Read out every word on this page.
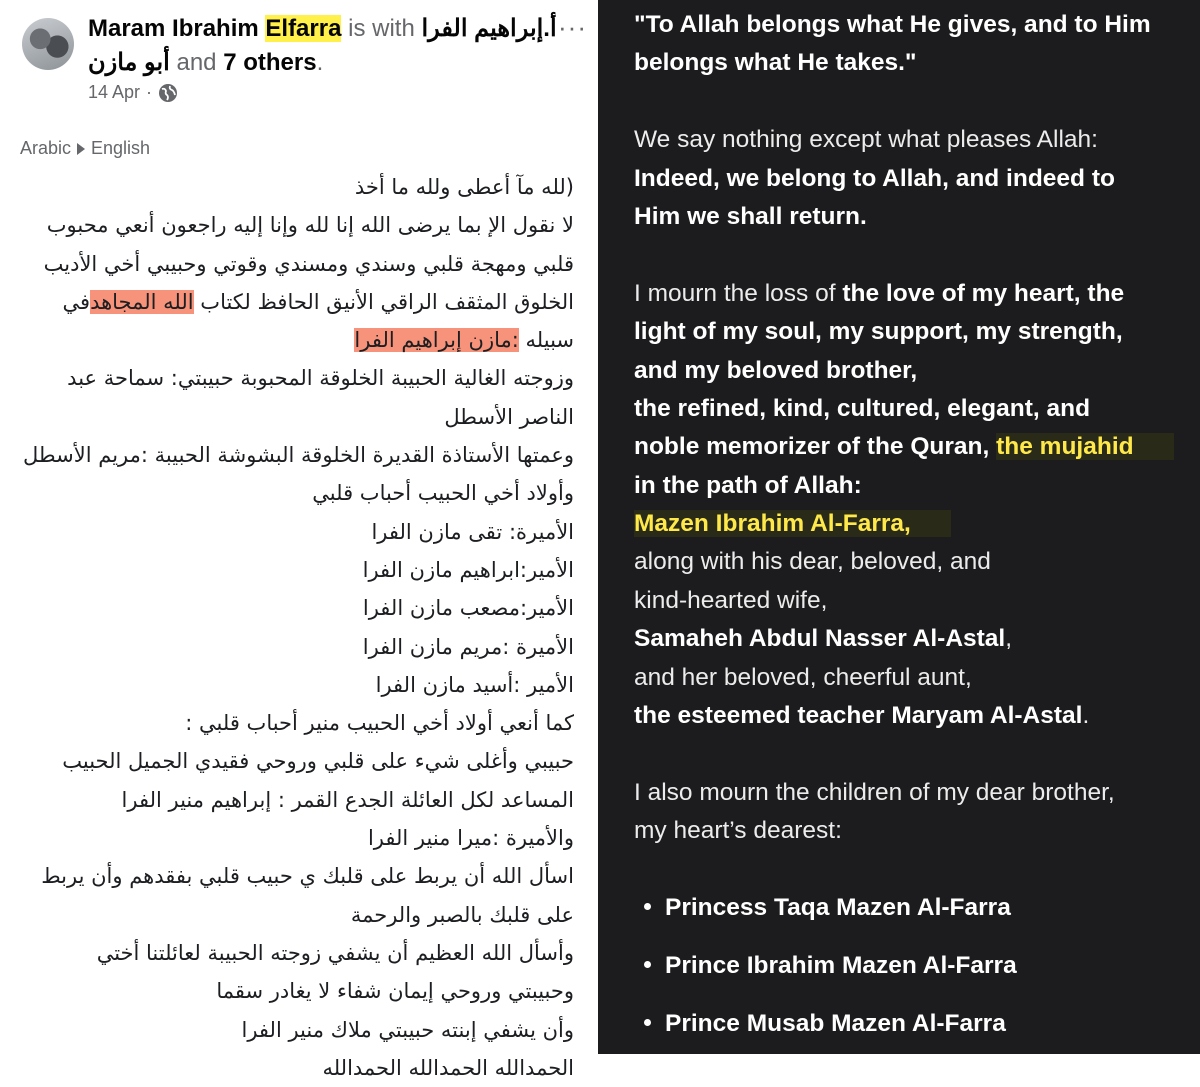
Maram Ibrahim Elfarra is with أ.إبراهيم الفرا أبو مازن and 7 others.
···
14 Apr ·
Arabic English
(لله مآ أعطى ولله ما أخذ
لا نقول الإ بما يرضى الله إنا لله وإنا إليه راجعون أنعي محبوب
قلبي ومهجة قلبي وسندي ومسندي وقوتي وحبيبي أخي الأديب
الخلوق المثقف الراقي الأنيق الحافظ لكتاب الله المجاهدفي
سبيله :مازن إبراهيم الفرا
وزوجته الغالية الحبيبة الخلوقة المحبوبة حبيبتي: سماحة عبد
الناصر الأسطل
وعمتها الأستاذة القديرة الخلوقة البشوشة الحبيبة :مريم الأسطل
وأولاد أخي الحبيب أحباب قلبي
الأميرة: تقى مازن الفرا
الأمير:ابراهيم مازن الفرا
الأمير:مصعب مازن الفرا
الأميرة :مريم مازن الفرا
الأمير :أسيد مازن الفرا
كما أنعي أولاد أخي الحبيب منير أحباب قلبي :
حبيبي وأغلى شيء على قلبي وروحي فقيدي الجميل الحبيب
المساعد لكل العائلة الجدع القمر : إبراهيم منير الفرا
والأميرة :ميرا منير الفرا
اسأل الله أن يربط على قلبك ي حبيب قلبي بفقدهم وأن يربط
على قلبك بالصبر والرحمة
وأسأل الله العظيم أن يشفي زوجته الحبيبة لعائلتنا أختي
وحبيبتي وروحي إيمان شفاء لا يغادر سقما
وأن يشفي إبنته حبيبتي ملاك منير الفرا
الحمدالله الحمدالله الحمدالله
"To Allah belongs what He gives, and to Him
belongs what He takes."
We say nothing except what pleases Allah:
Indeed, we belong to Allah, and indeed to
Him we shall return.
I mourn the loss of the love of my heart, the
light of my soul, my support, my strength,
and my beloved brother,
the refined, kind, cultured, elegant, and
noble memorizer of the Quran, the mujahid
in the path of Allah:
Mazen Ibrahim Al-Farra,
along with his dear, beloved, and
kind-hearted wife,
Samaheh Abdul Nasser Al-Astal,
and her beloved, cheerful aunt,
the esteemed teacher Maryam Al-Astal.
I also mourn the children of my dear brother,
my heart’s dearest:
Princess Taqa Mazen Al-Farra
Prince Ibrahim Mazen Al-Farra
Prince Musab Mazen Al-Farra
